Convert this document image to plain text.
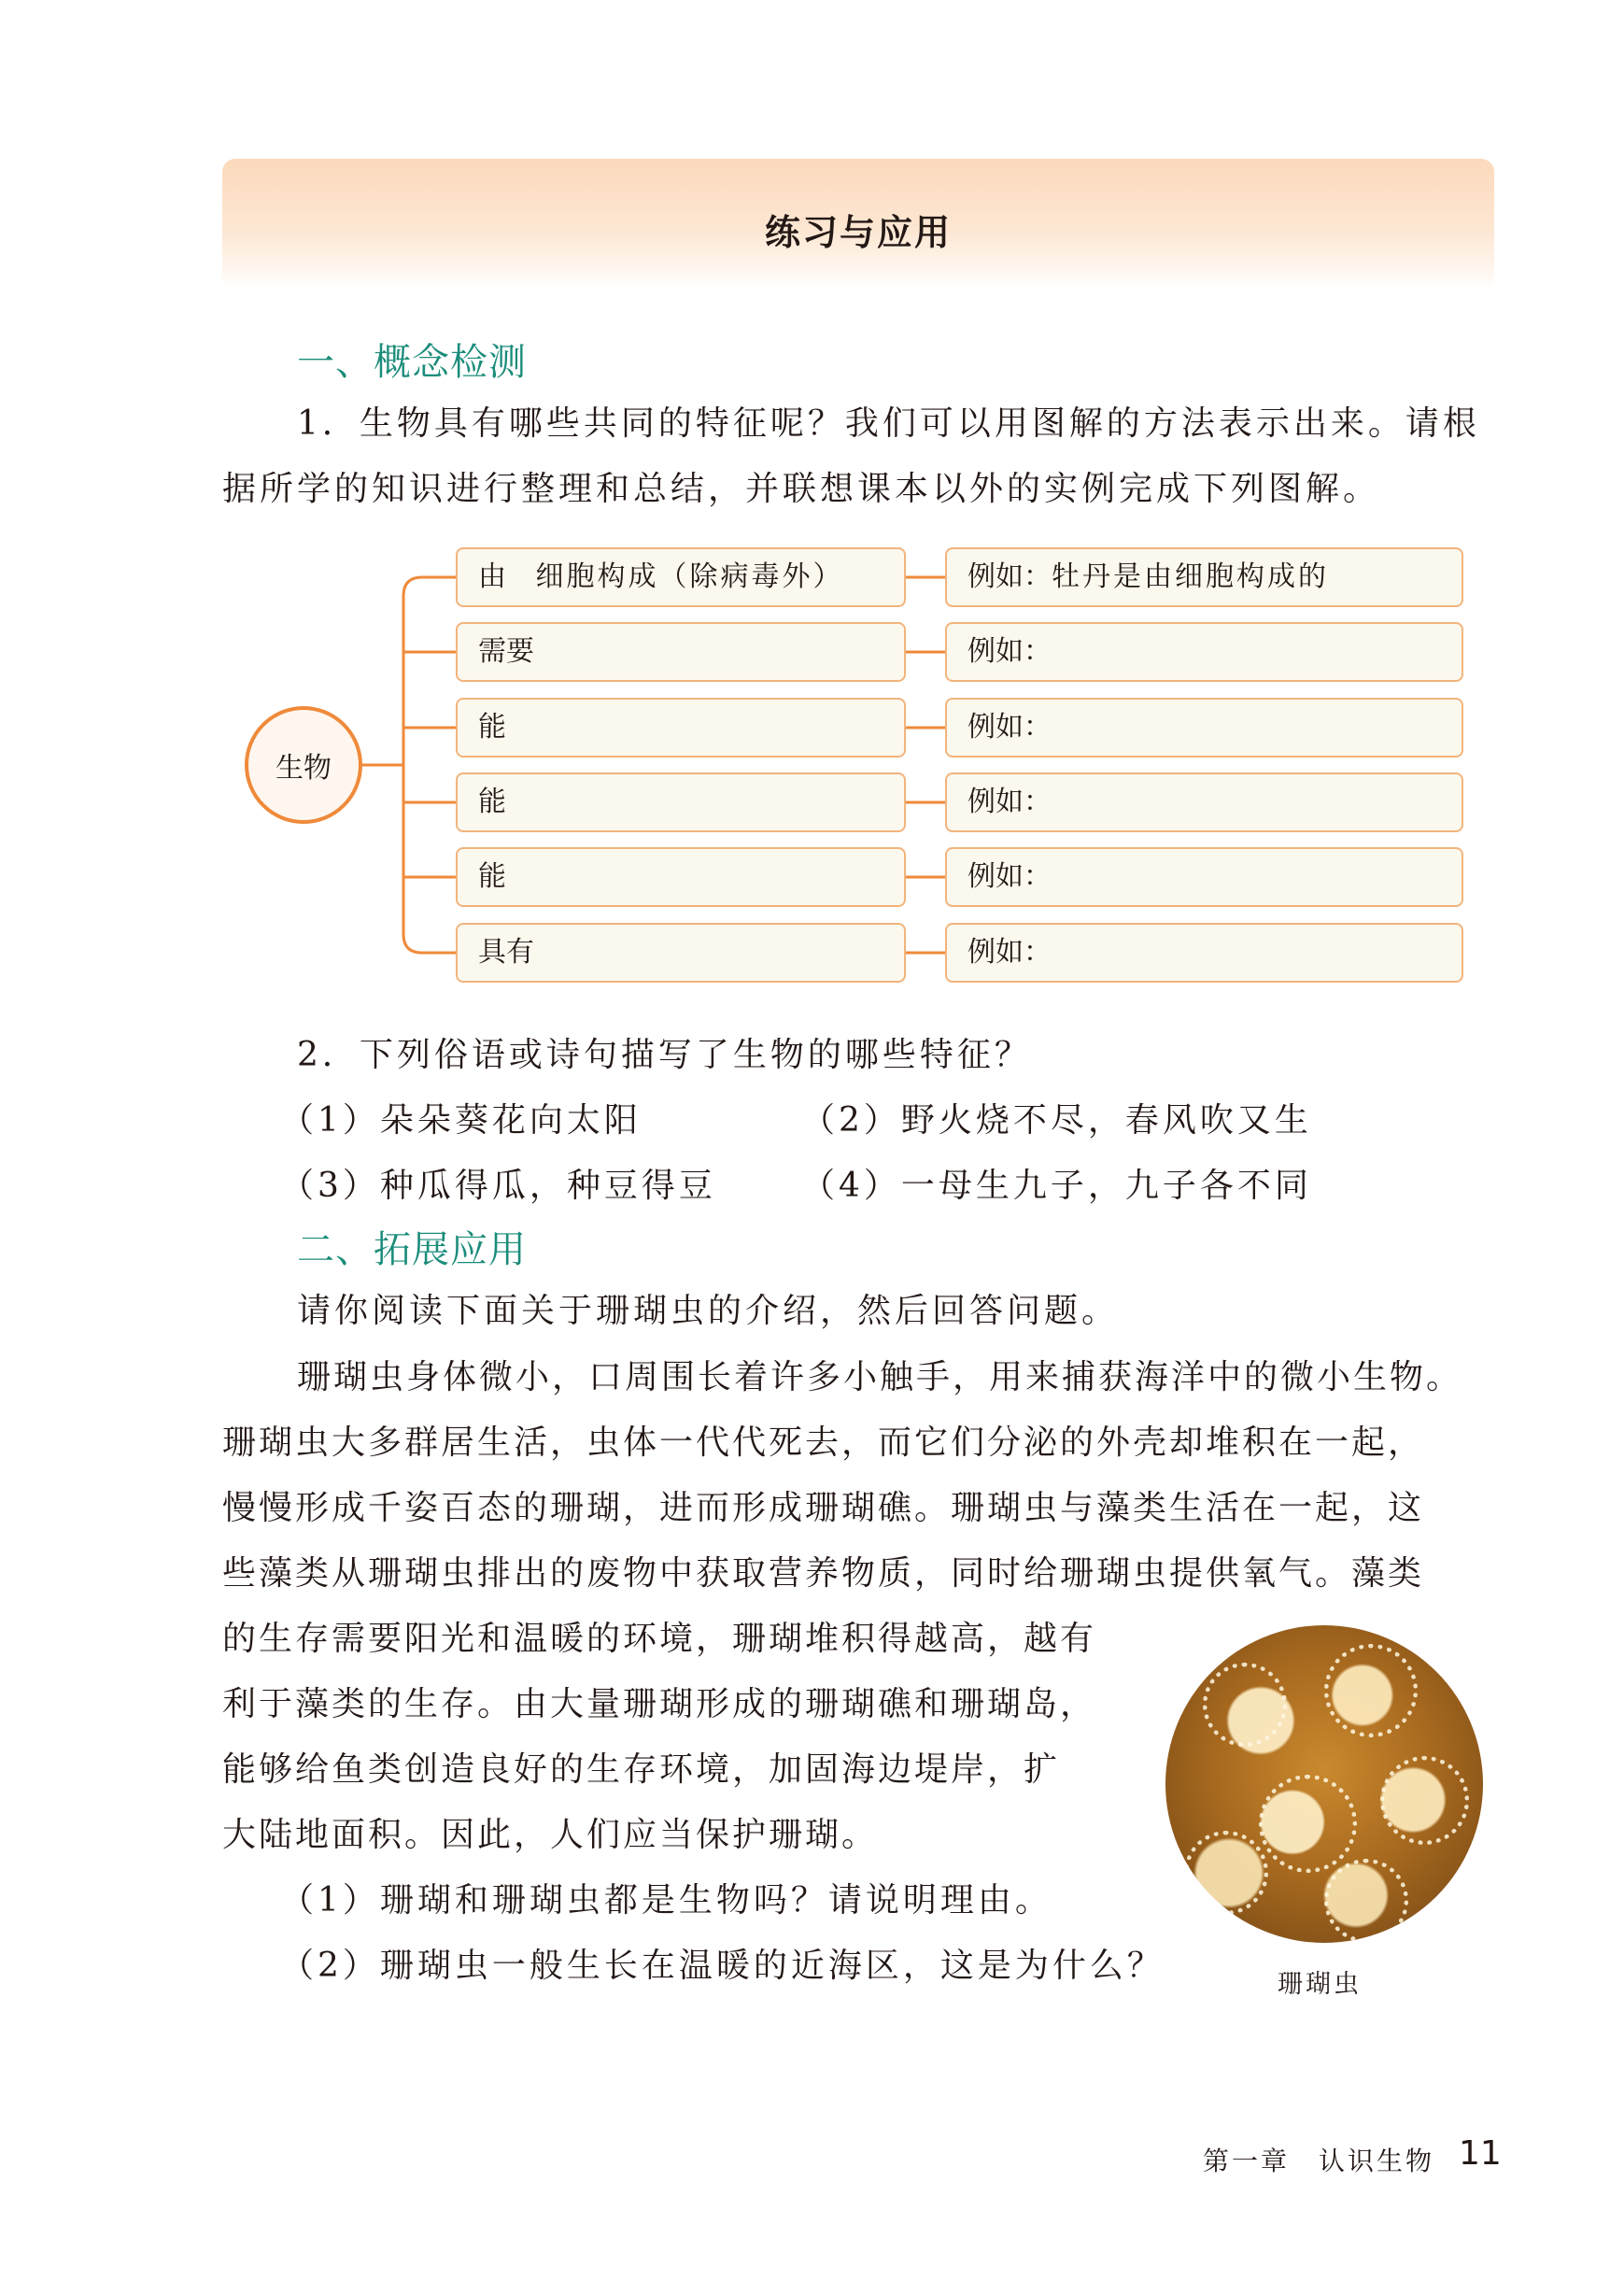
练习与应用
一、概念检测
1．生物具有哪些共同的特征呢？我们可以用图解的方法表示出来。请根
据所学的知识进行整理和总结，并联想课本以外的实例完成下列图解。
生物
由 细胞构成（除病毒外）	例如：牡丹是由细胞构成的
需要	例如：
能	例如：
能	例如：
能	例如：
具有	例如：
2．下列俗语或诗句描写了生物的哪些特征？
（1）朵朵葵花向太阳	（2）野火烧不尽，春风吹又生
（3）种瓜得瓜，种豆得豆	（4）一母生九子，九子各不同
二、拓展应用
请你阅读下面关于珊瑚虫的介绍，然后回答问题。
珊瑚虫身体微小，口周围长着许多小触手，用来捕获海洋中的微小生物。
珊瑚虫大多群居生活，虫体一代代死去，而它们分泌的外壳却堆积在一起，
慢慢形成千姿百态的珊瑚，进而形成珊瑚礁。珊瑚虫与藻类生活在一起，这
些藻类从珊瑚虫排出的废物中获取营养物质，同时给珊瑚虫提供氧气。藻类
的生存需要阳光和温暖的环境，珊瑚堆积得越高，越有
利于藻类的生存。由大量珊瑚形成的珊瑚礁和珊瑚岛，
能够给鱼类创造良好的生存环境，加固海边堤岸，扩
大陆地面积。因此，人们应当保护珊瑚。
（1）珊瑚和珊瑚虫都是生物吗？请说明理由。
（2）珊瑚虫一般生长在温暖的近海区，这是为什么？	珊瑚虫
第一章　认识生物 11
